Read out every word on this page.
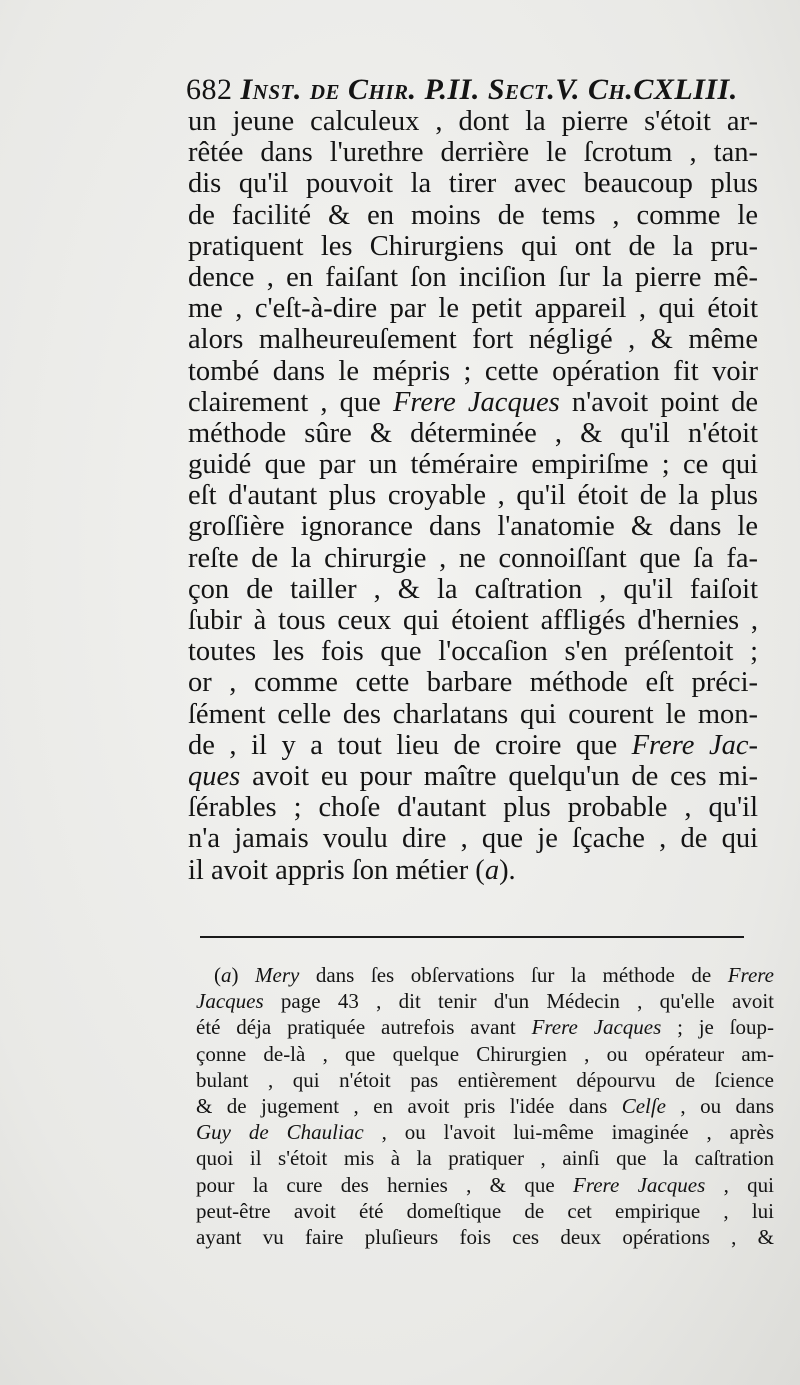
682 Inst. de Chir. P.II. Sect.V. Ch.CXLIII.
un jeune calculeux , dont la pierre s'étoit ar-
rêtée dans l'urethre derrière le ſcrotum , tan-
dis qu'il pouvoit la tirer avec beaucoup plus
de facilité & en moins de tems , comme le
pratiquent les Chirurgiens qui ont de la pru-
dence , en faiſant ſon inciſion ſur la pierre mê-
me , c'eſt-à-dire par le petit appareil , qui étoit
alors malheureuſement fort négligé , & même
tombé dans le mépris ; cette opération fit voir
clairement , que Frere Jacques n'avoit point de
méthode sûre & déterminée , & qu'il n'étoit
guidé que par un téméraire empiriſme ; ce qui
eſt d'autant plus croyable , qu'il étoit de la plus
groſſière ignorance dans l'anatomie & dans le
reſte de la chirurgie , ne connoiſſant que ſa fa-
çon de tailler , & la caſtration , qu'il faiſoit
ſubir à tous ceux qui étoient affligés d'hernies ,
toutes les fois que l'occaſion s'en préſentoit ;
or , comme cette barbare méthode eſt préci-
ſément celle des charlatans qui courent le mon-
de , il y a tout lieu de croire que Frere Jac-
ques avoit eu pour maître quelqu'un de ces mi-
ſérables ; choſe d'autant plus probable , qu'il
n'a jamais voulu dire , que je ſçache , de qui
il avoit appris ſon métier (a).
(a) Mery dans ſes obſervations ſur la méthode de Frere
Jacques page 43 , dit tenir d'un Médecin , qu'elle avoit
été déja pratiquée autrefois avant Frere Jacques ; je ſoup-
çonne de-là , que quelque Chirurgien , ou opérateur am-
bulant , qui n'étoit pas entièrement dépourvu de ſcience
& de jugement , en avoit pris l'idée dans Celſe , ou dans
Guy de Chauliac , ou l'avoit lui-même imaginée , après
quoi il s'étoit mis à la pratiquer , ainſi que la caſtration
pour la cure des hernies , & que Frere Jacques , qui
peut-être avoit été domeſtique de cet empirique , lui
ayant vu faire pluſieurs fois ces deux opérations , &
